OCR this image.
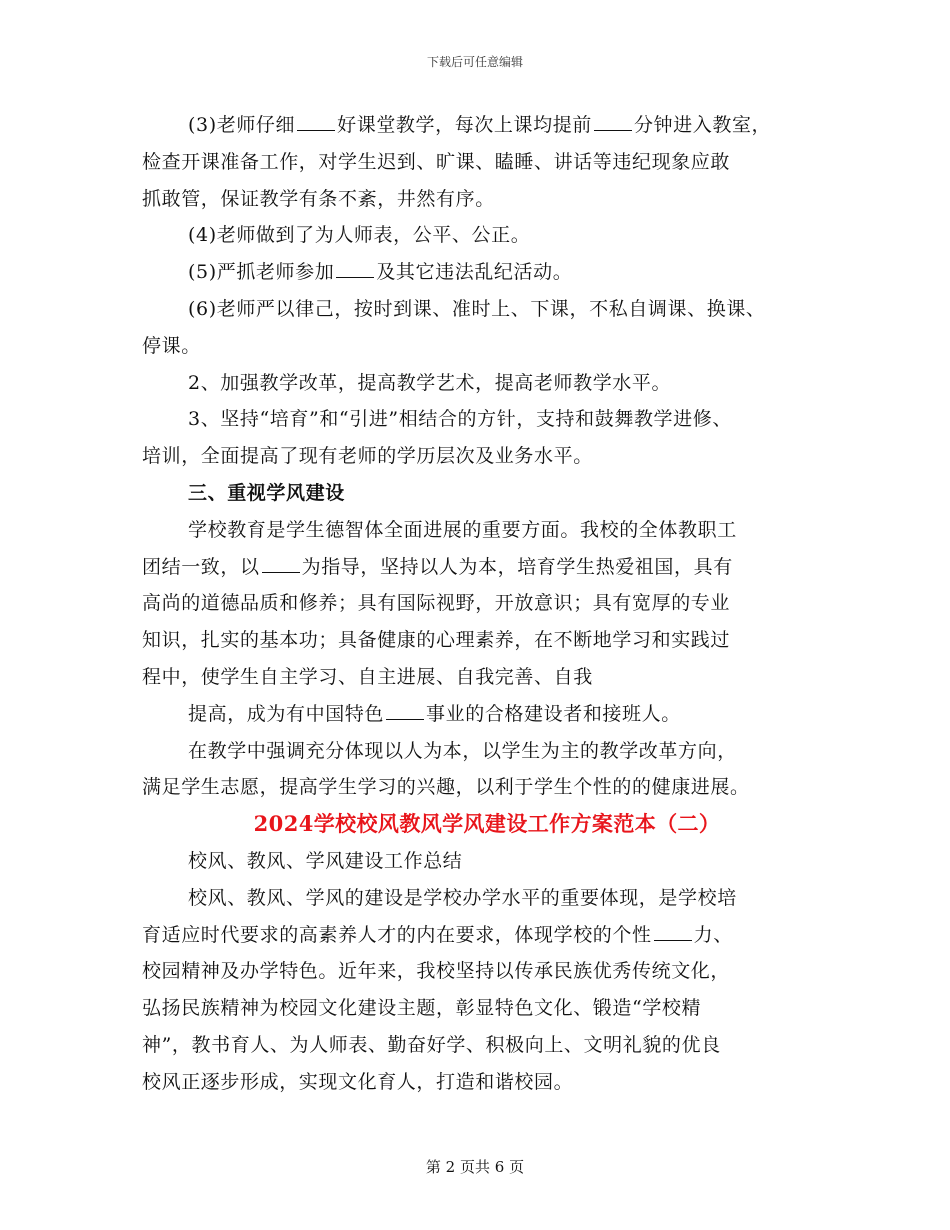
下载后可任意编辑
(3)老师仔细 好课堂教学，每次上课均提前 分钟进入教室，
检查开课准备工作，对学生迟到、旷课、瞌睡、讲话等违纪现象应敢
抓敢管，保证教学有条不紊，井然有序。
(4)老师做到了为人师表，公平、公正。
(5)严抓老师参加 及其它违法乱纪活动。
(6)老师严以律己，按时到课、准时上、下课，不私自调课、换课、
停课。
2、加强教学改革，提高教学艺术，提高老师教学水平。
3、坚持“培育”和“引进”相结合的方针，支持和鼓舞教学进修、
培训，全面提高了现有老师的学历层次及业务水平。
三、重视学风建设
学校教育是学生德智体全面进展的重要方面。我校的全体教职工
团结一致，以 为指导，坚持以人为本，培育学生热爱祖国，具有
高尚的道德品质和修养；具有国际视野，开放意识；具有宽厚的专业
知识，扎实的基本功；具备健康的心理素养，在不断地学习和实践过
程中，使学生自主学习、自主进展、自我完善、自我
提高，成为有中国特色 事业的合格建设者和接班人。
在教学中强调充分体现以人为本，以学生为主的教学改革方向，
满足学生志愿，提高学生学习的兴趣，以利于学生个性的的健康进展。
2024学校校风教风学风建设工作方案范本（二）
校风、教风、学风建设工作总结
校风、教风、学风的建设是学校办学水平的重要体现，是学校培
育适应时代要求的高素养人才的内在要求，体现学校的个性 力、
校园精神及办学特色。近年来，我校坚持以传承民族优秀传统文化，
弘扬民族精神为校园文化建设主题，彰显特色文化、锻造“学校精
神”，教书育人、为人师表、勤奋好学、积极向上、文明礼貌的优良
校风正逐步形成，实现文化育人，打造和谐校园。
第 2 页共 6 页
